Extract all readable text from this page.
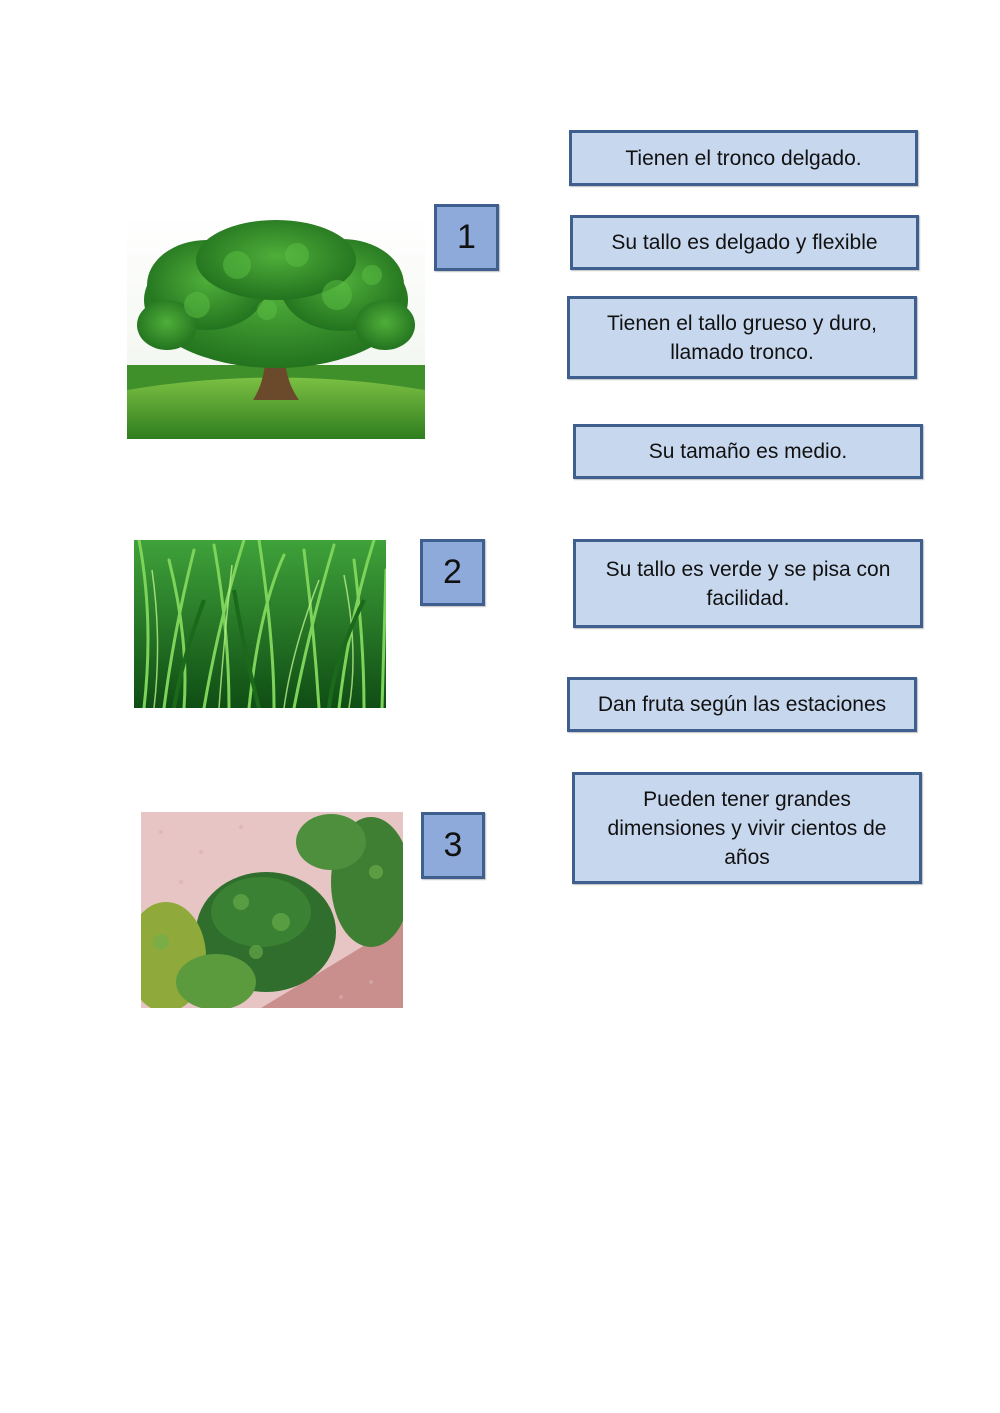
1
2
3
Tienen el tronco delgado.
Su tallo es delgado y flexible
Tienen el tallo grueso y duro, llamado tronco.
Su tamaño es medio.
Su tallo es verde y se pisa con facilidad.
Dan fruta según las estaciones
Pueden tener grandes dimensiones y vivir cientos de años
